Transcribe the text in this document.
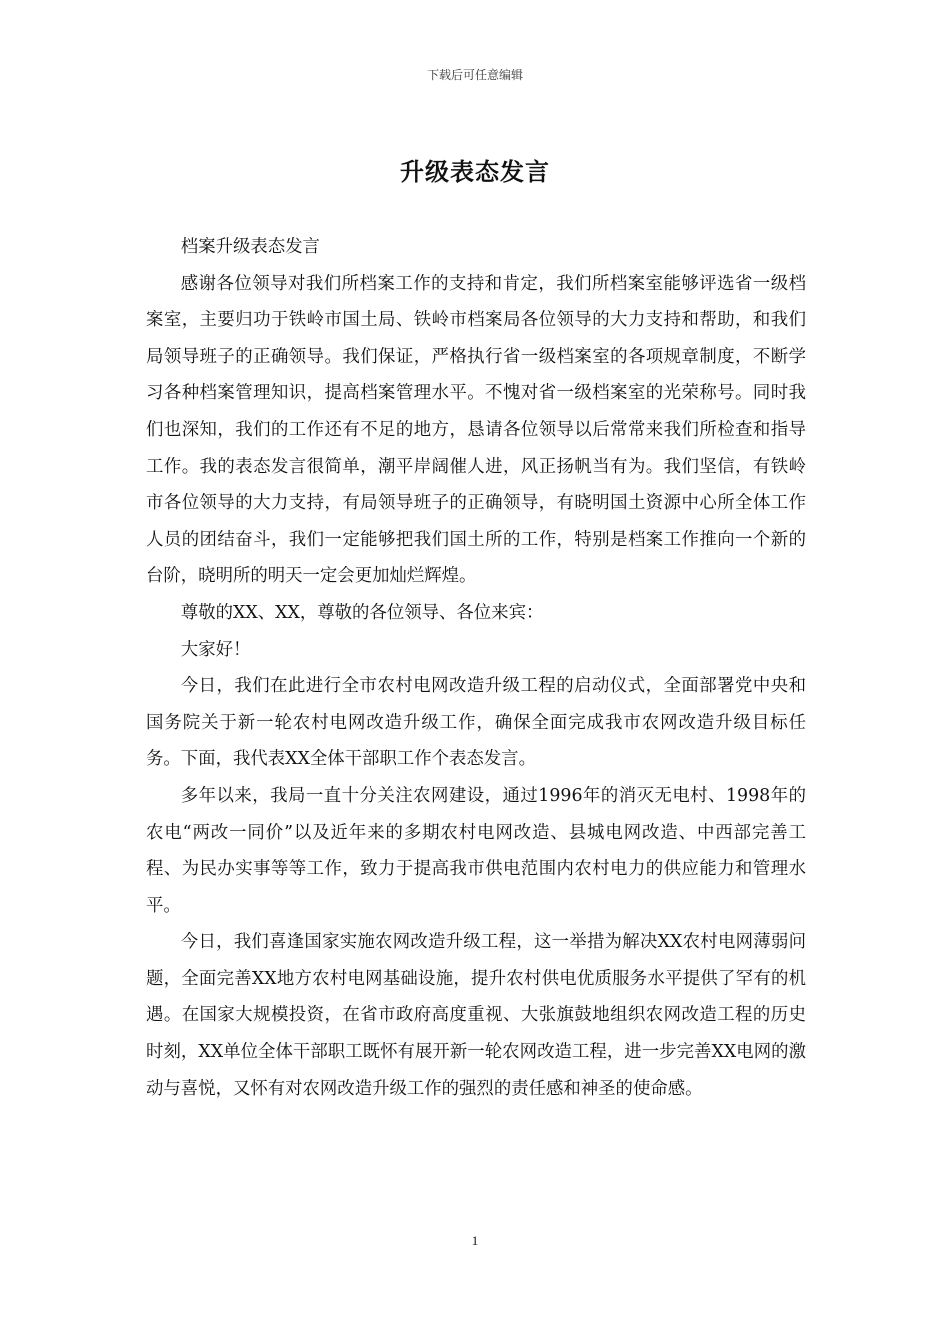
下载后可任意编辑
升级表态发言

档案升级表态发言

感谢各位领导对我们所档案工作的支持和肯定，我们所档案室能够评选省一级档案室，主要归功于铁岭市国土局、铁岭市档案局各位领导的大力支持和帮助，和我们局领导班子的正确领导。我们保证，严格执行省一级档案室的各项规章制度，不断学习各种档案管理知识，提高档案管理水平。不愧对省一级档案室的光荣称号。同时我们也深知，我们的工作还有不足的地方，恳请各位领导以后常常来我们所检查和指导工作。我的表态发言很简单，潮平岸阔催人进，风正扬帆当有为。我们坚信，有铁岭市各位领导的大力支持，有局领导班子的正确领导，有晓明国土资源中心所全体工作人员的团结奋斗，我们一定能够把我们国土所的工作，特别是档案工作推向一个新的台阶，晓明所的明天一定会更加灿烂辉煌。

尊敬的XX、XX，尊敬的各位领导、各位来宾：

大家好！

今日，我们在此进行全市农村电网改造升级工程的启动仪式，全面部署党中央和国务院关于新一轮农村电网改造升级工作，确保全面完成我市农网改造升级目标任务。下面，我代表XX全体干部职工作个表态发言。

多年以来，我局一直十分关注农网建设，通过1996年的消灭无电村、1998年的农电“两改一同价”以及近年来的多期农村电网改造、县城电网改造、中西部完善工程、为民办实事等等工作，致力于提高我市供电范围内农村电力的供应能力和管理水平。

今日，我们喜逢国家实施农网改造升级工程，这一举措为解决XX农村电网薄弱问题，全面完善XX地方农村电网基础设施，提升农村供电优质服务水平提供了罕有的机遇。在国家大规模投资，在省市政府高度重视、大张旗鼓地组织农网改造工程的历史时刻，XX单位全体干部职工既怀有展开新一轮农网改造工程，进一步完善XX电网的激动与喜悦，又怀有对农网改造升级工作的强烈的责任感和神圣的使命感。

1
